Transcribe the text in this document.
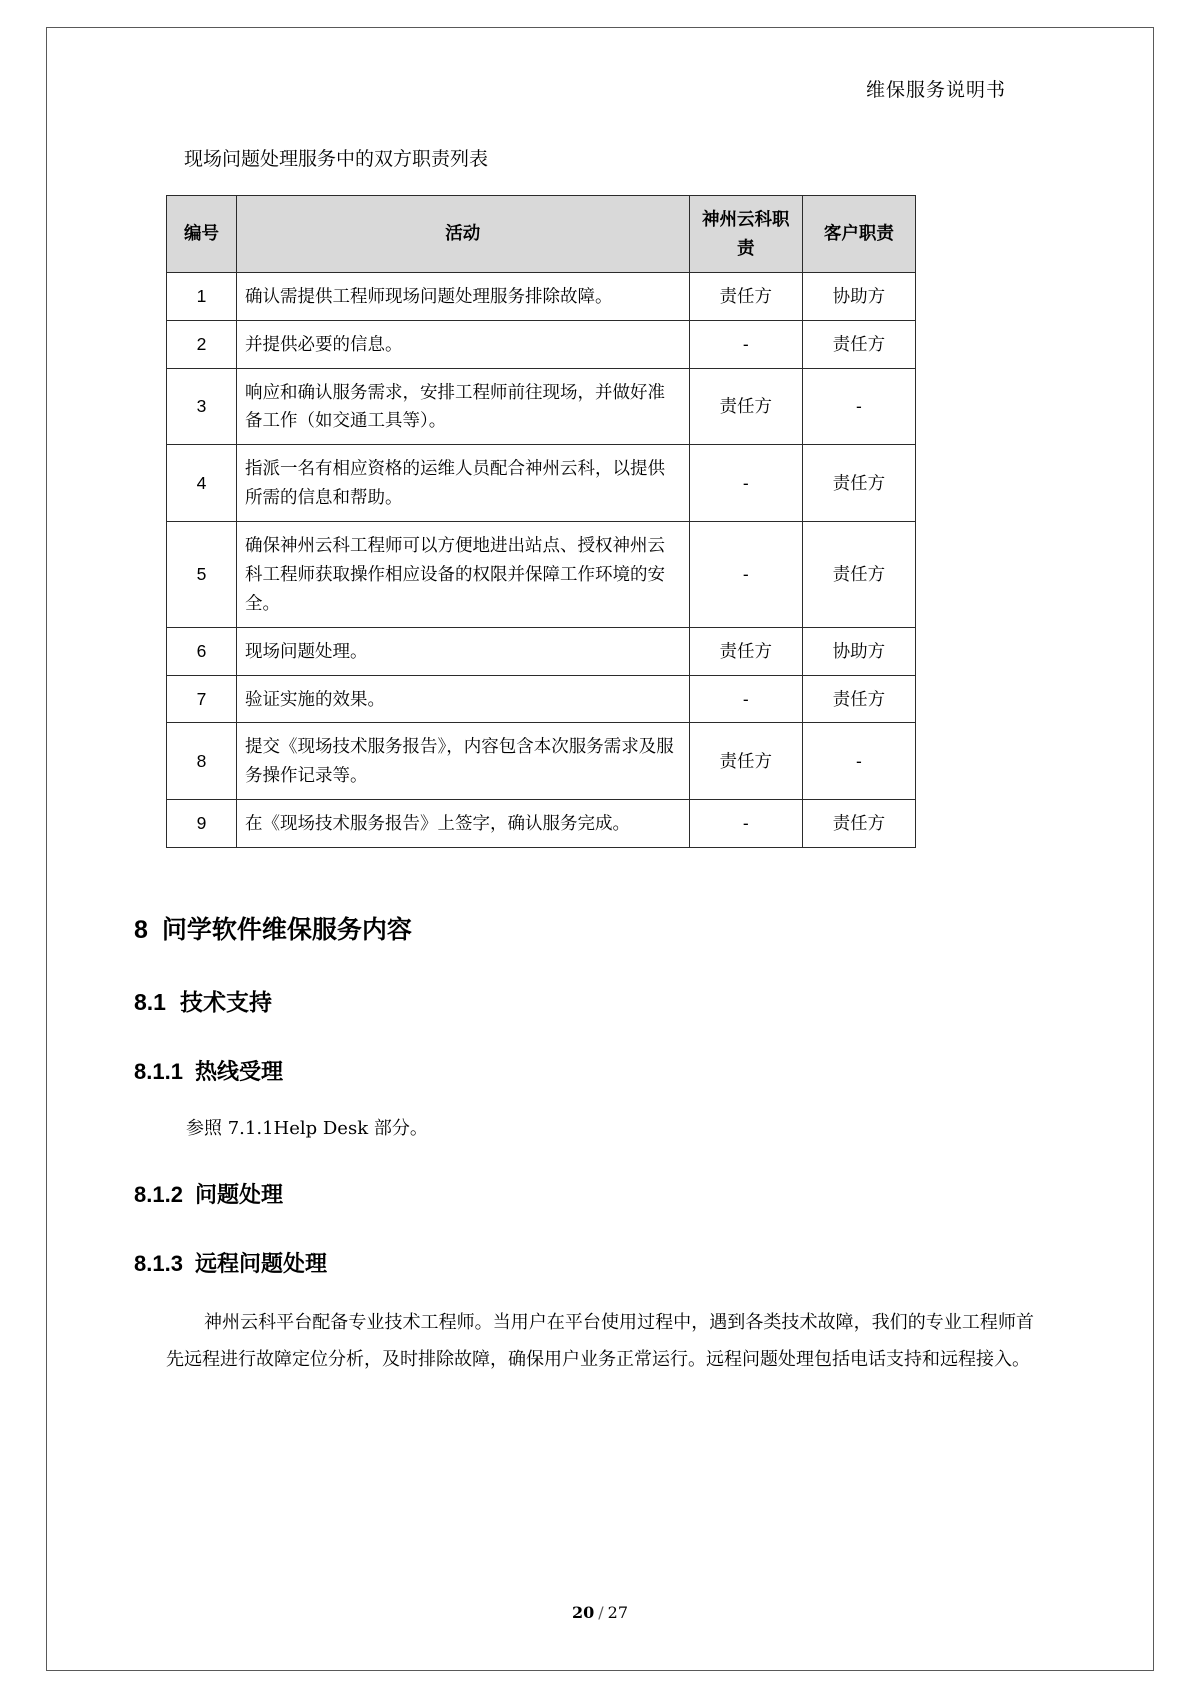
维保服务说明书
现场问题处理服务中的双方职责列表
编号	活动	神州云科职责	客户职责
1	确认需提供工程师现场问题处理服务排除故障。	责任方	协助方
2	并提供必要的信息。	-	责任方
3	响应和确认服务需求，安排工程师前往现场，并做好准备工作（如交通工具等）。	责任方	-
4	指派一名有相应资格的运维人员配合神州云科，以提供所需的信息和帮助。	-	责任方
5	确保神州云科工程师可以方便地进出站点、授权神州云科工程师获取操作相应设备的权限并保障工作环境的安全。	-	责任方
6	现场问题处理。	责任方	协助方
7	验证实施的效果。	-	责任方
8	提交《现场技术服务报告》，内容包含本次服务需求及服务操作记录等。	责任方	-
9	在《现场技术服务报告》上签字，确认服务完成。	-	责任方
8 问学软件维保服务内容
8.1 技术支持
8.1.1 热线受理

参照 7.1.1Help Desk 部分。

8.1.2 问题处理
8.1.3 远程问题处理

神州云科平台配备专业技术工程师。当用户在平台使用过程中，遇到各类技术故障，我们的专业工程师首先远程进行故障定位分析，及时排除故障，确保用户业务正常运行。远程问题处理包括电话支持和远程接入。

20 / 27
